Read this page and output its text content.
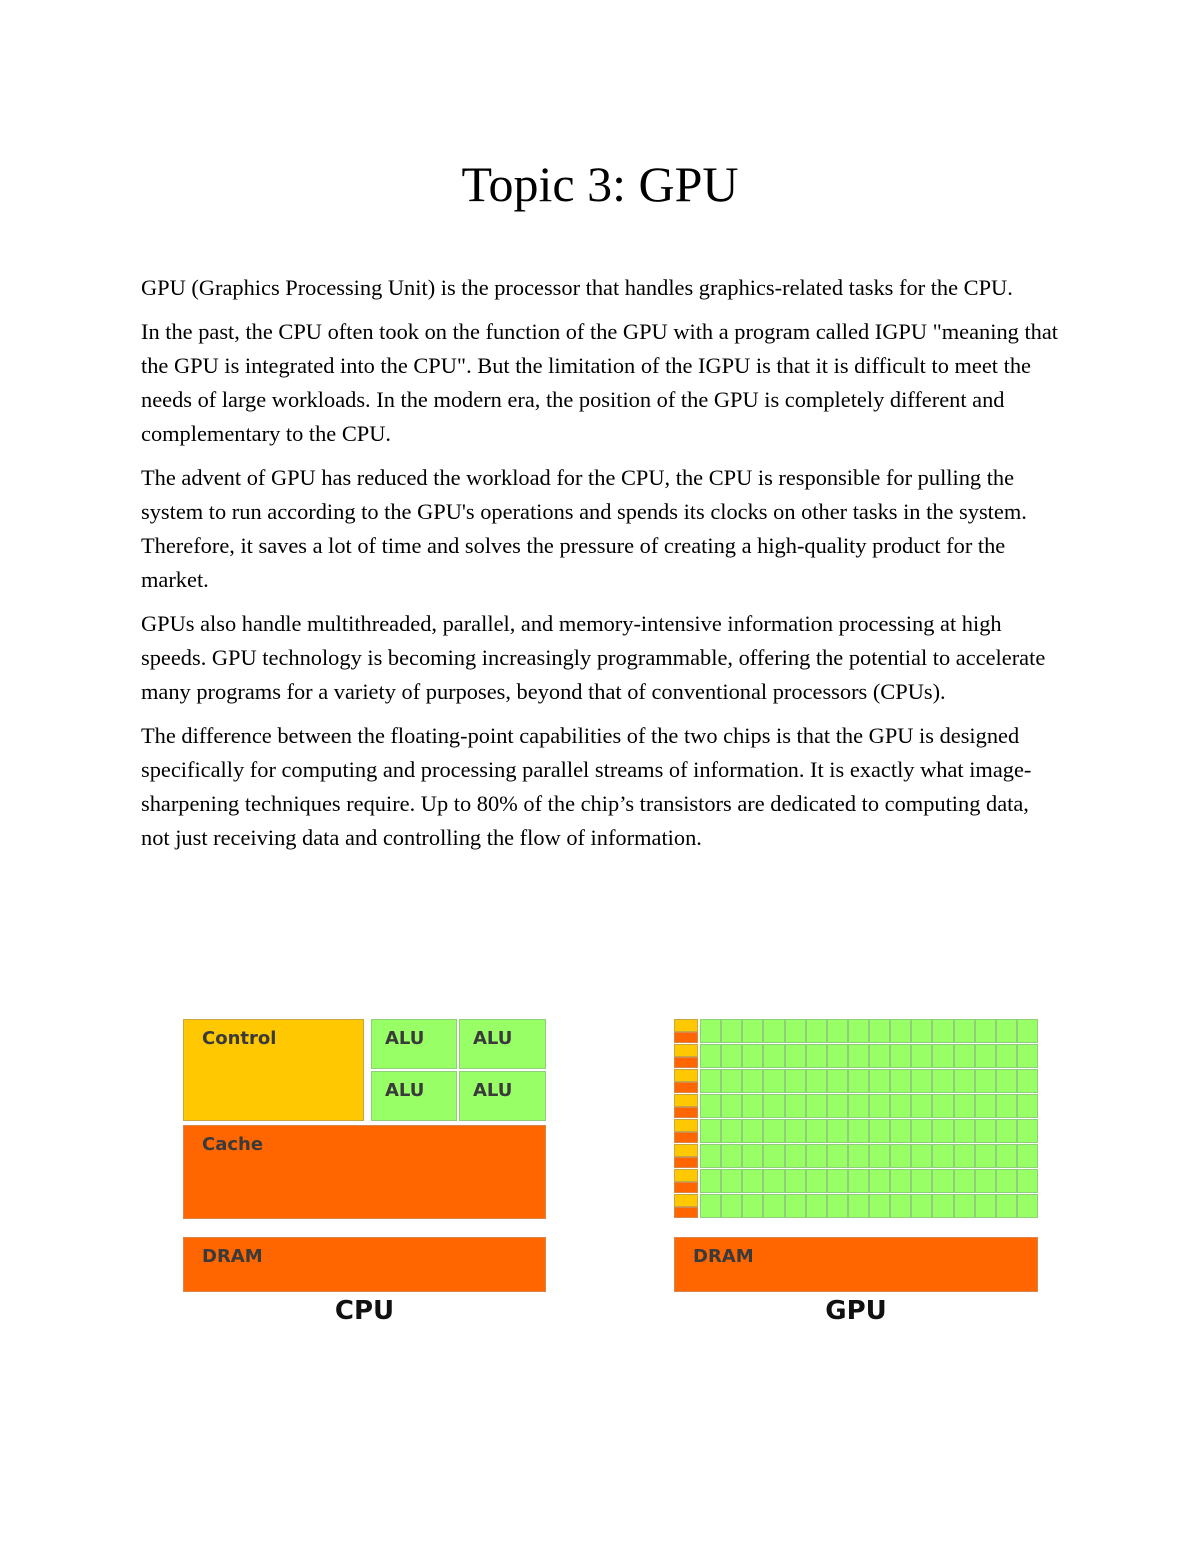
Topic 3: GPU

GPU (Graphics Processing Unit) is the processor that handles graphics-related tasks for the CPU.

In the past, the CPU often took on the function of the GPU with a program called IGPU "meaning that the GPU is integrated into the CPU". But the limitation of the IGPU is that it is difficult to meet the needs of large workloads. In the modern era, the position of the GPU is completely different and complementary to the CPU.

The advent of GPU has reduced the workload for the CPU, the CPU is responsible for pulling the system to run according to the GPU's operations and spends its clocks on other tasks in the system. Therefore, it saves a lot of time and solves the pressure of creating a high-quality product for the market.

GPUs also handle multithreaded, parallel, and memory-intensive information processing at high speeds. GPU technology is becoming increasingly programmable, offering the potential to accelerate many programs for a variety of purposes, beyond that of conventional processors (CPUs).

The difference between the floating-point capabilities of the two chips is that the GPU is designed specifically for computing and processing parallel streams of information. It is exactly what image-sharpening techniques require. Up to 80% of the chip’s transistors are dedicated to computing data, not just receiving data and controlling the flow of information.

Control	ALU	ALU
ALU	ALU
Cache
DRAM
CPU
DRAM
GPU
